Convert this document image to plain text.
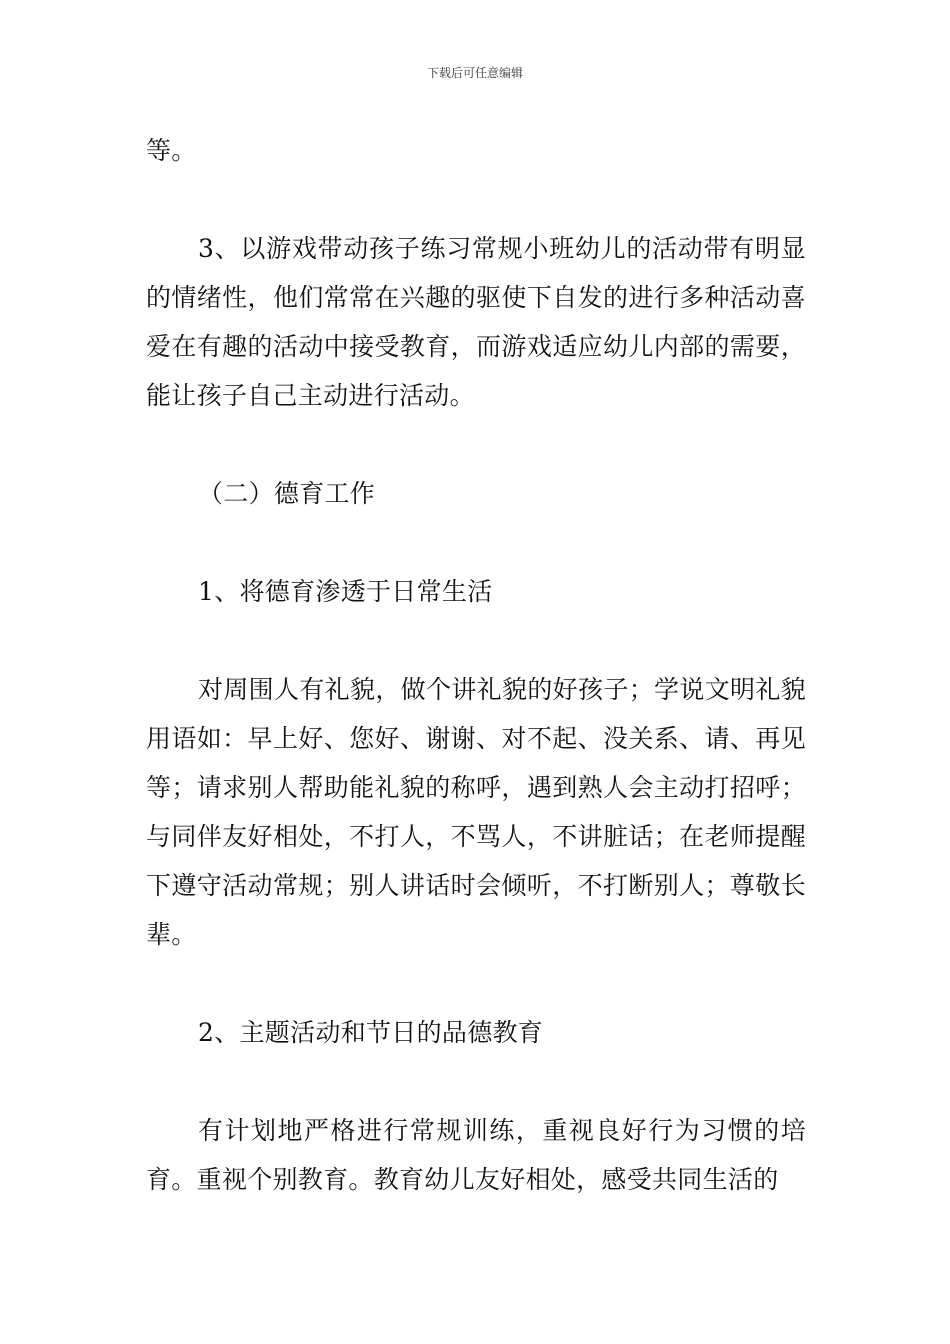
下载后可任意编辑

等。

3、以游戏带动孩子练习常规小班幼儿的活动带有明显的情绪性，他们常常在兴趣的驱使下自发的进行多种活动喜爱在有趣的活动中接受教育，而游戏适应幼儿内部的需要，能让孩子自己主动进行活动。

（二）德育工作

1、将德育渗透于日常生活

对周围人有礼貌，做个讲礼貌的好孩子；学说文明礼貌用语如：早上好、您好、谢谢、对不起、没关系、请、再见等；请求别人帮助能礼貌的称呼，遇到熟人会主动打招呼；与同伴友好相处，不打人，不骂人，不讲脏话；在老师提醒下遵守活动常规；别人讲话时会倾听，不打断别人；尊敬长辈。

2、主题活动和节日的品德教育

有计划地严格进行常规训练，重视良好行为习惯的培育。重视个别教育。教育幼儿友好相处，感受共同生活的
